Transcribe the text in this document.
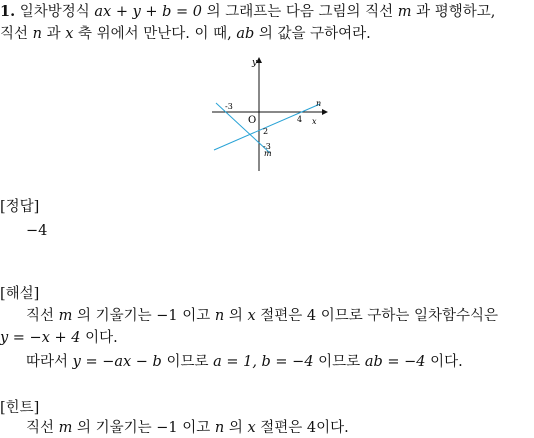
1. 일차방정식 ax + y + b = 0 의 그래프는 다음 그림의 직선 m 과 평행하고,
직선 n 과 x 축 위에서 만난다. 이 때, ab 의 값을 구하여라.
y
x
O
n
m
-3
4
2
-3
[정답]
−4
[해설]
직선 m 의 기울기는 −1 이고 n 의 x 절편은 4 이므로 구하는 일차함수식은
y = −x + 4 이다.
따라서 y = −ax − b 이므로 a = 1, b = −4 이므로 ab = −4 이다.
[힌트]
직선 m 의 기울기는 −1 이고 n 의 x 절편은 4이다.
